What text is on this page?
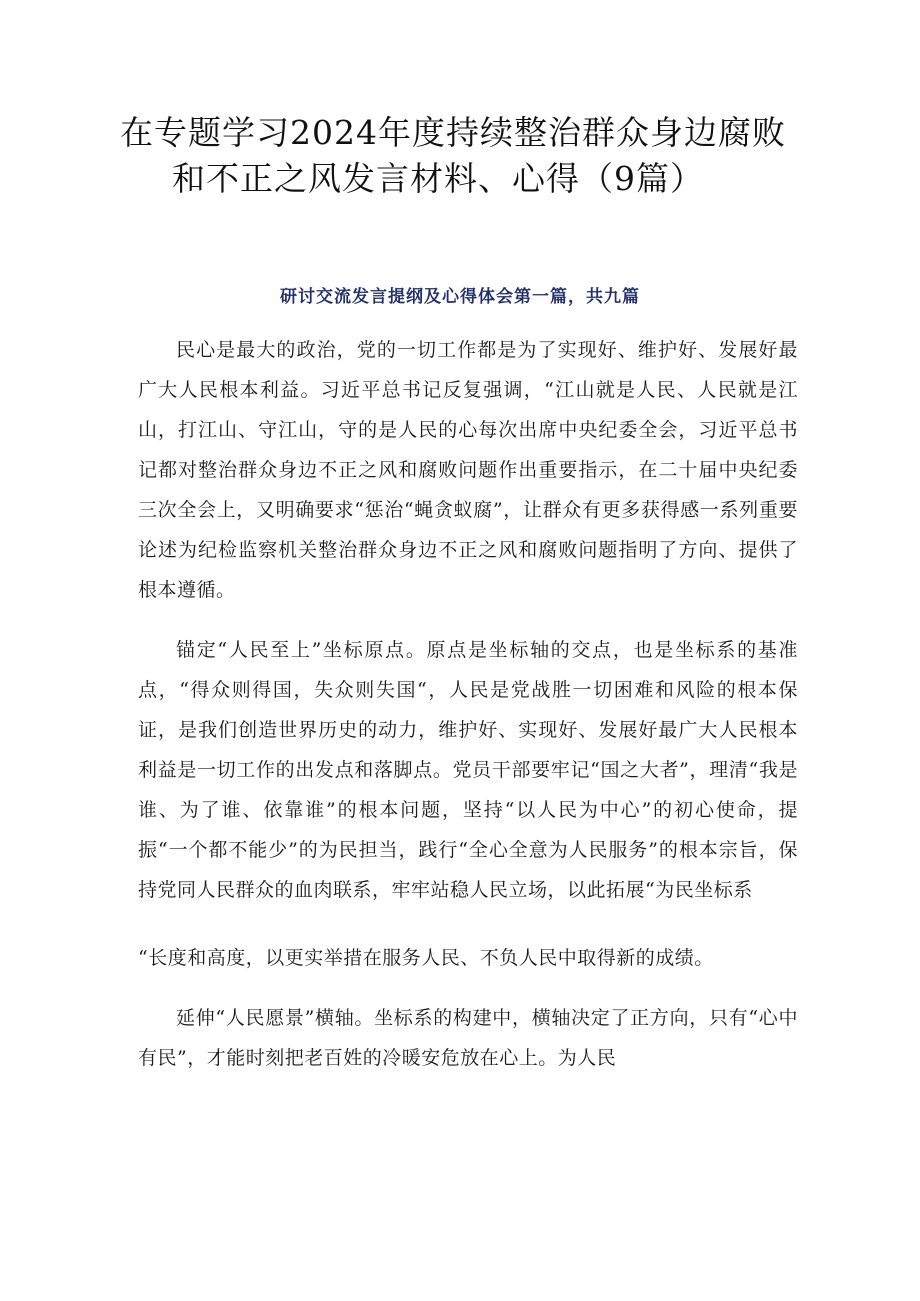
在专题学习2024年度持续整治群众身边腐败
和不正之风发言材料、心得（9篇）
研讨交流发言提纲及心得体会第一篇，共九篇

民心是最大的政治，党的一切工作都是为了实现好、维护好、发展好最广大人民根本利益。习近平总书记反复强调，“江山就是人民、人民就是江山，打江山、守江山，守的是人民的心每次出席中央纪委全会，习近平总书记都对整治群众身边不正之风和腐败问题作出重要指示，在二十届中央纪委三次全会上，又明确要求“惩治“蝇贪蚁腐”，让群众有更多获得感一系列重要论述为纪检监察机关整治群众身边不正之风和腐败问题指明了方向、提供了根本遵循。

锚定“人民至上”坐标原点。原点是坐标轴的交点，也是坐标系的基准点，“得众则得国，失众则失国“，人民是党战胜一切困难和风险的根本保证，是我们创造世界历史的动力，维护好、实现好、发展好最广大人民根本利益是一切工作的出发点和落脚点。党员干部要牢记“国之大者”，理清“我是谁、为了谁、依靠谁”的根本问题，坚持“以人民为中心”的初心使命，提振“一个都不能少”的为民担当，践行“全心全意为人民服务”的根本宗旨，保持党同人民群众的血肉联系，牢牢站稳人民立场，以此拓展“为民坐标系

“长度和高度，以更实举措在服务人民、不负人民中取得新的成绩。

延伸“人民愿景”横轴。坐标系的构建中，横轴决定了正方向，只有“心中有民”，才能时刻把老百姓的冷暖安危放在心上。为人民
